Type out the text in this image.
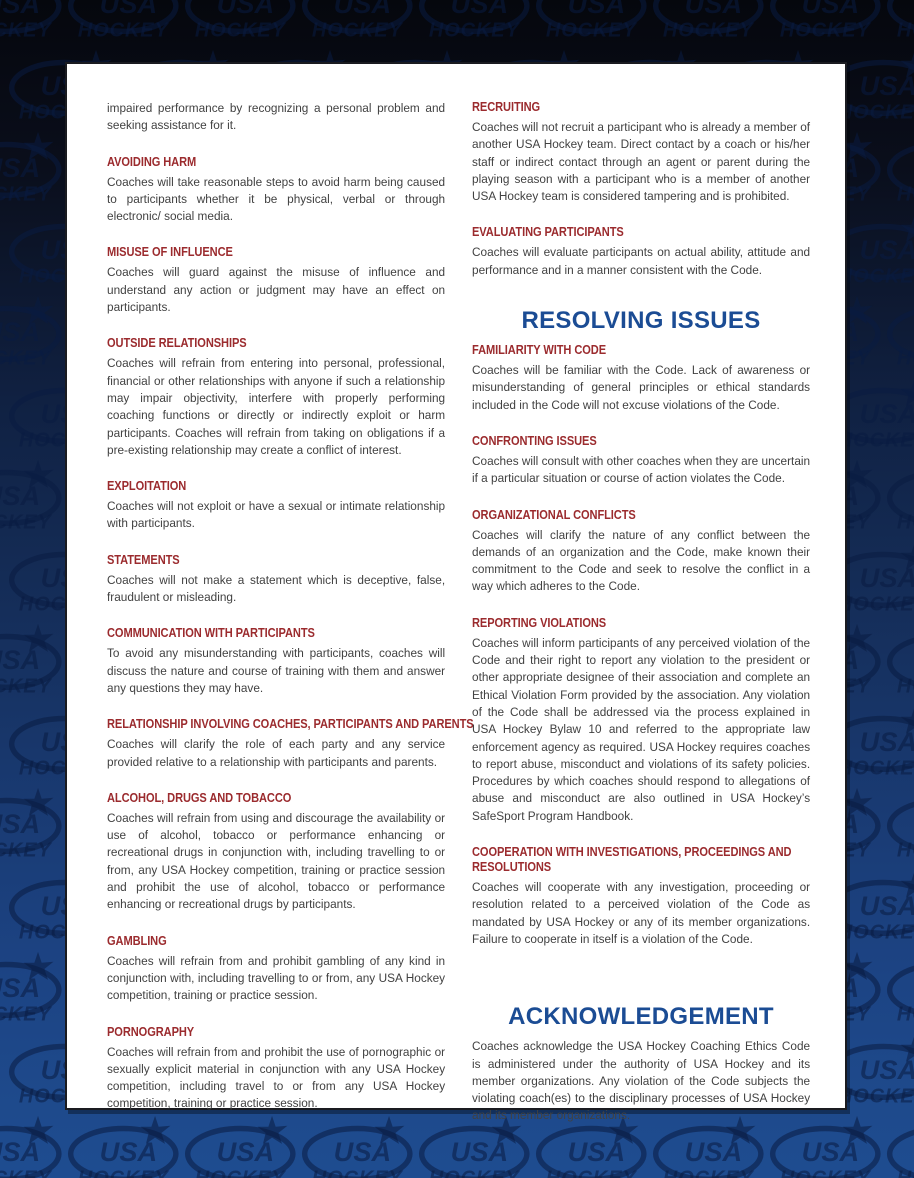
impaired performance by recognizing a personal problem and seeking assistance for it.

AVOIDING HARM

Coaches will take reasonable steps to avoid harm being caused to participants whether it be physical, verbal or through electronic/ social media.

MISUSE OF INFLUENCE

Coaches will guard against the misuse of influence and understand any action or judgment may have an effect on participants.

OUTSIDE RELATIONSHIPS

Coaches will refrain from entering into personal, professional, financial or other relationships with anyone if such a relationship may impair objectivity, interfere with properly performing coaching functions or directly or indirectly exploit or harm participants. Coaches will refrain from taking on obligations if a pre-existing relationship may create a conflict of interest.

EXPLOITATION

Coaches will not exploit or have a sexual or intimate relationship with participants.

STATEMENTS

Coaches will not make a statement which is deceptive, false, fraudulent or misleading.

COMMUNICATION WITH PARTICIPANTS

To avoid any misunderstanding with participants, coaches will discuss the nature and course of training with them and answer any questions they may have.

RELATIONSHIP INVOLVING COACHES, PARTICIPANTS AND PARENTS

Coaches will clarify the role of each party and any service provided relative to a relationship with participants and parents.

ALCOHOL, DRUGS AND TOBACCO

Coaches will refrain from using and discourage the availability or use of alcohol, tobacco or performance enhancing or recreational drugs in conjunction with, including travelling to or from, any USA Hockey competition, training or practice session and prohibit the use of alcohol, tobacco or performance enhancing or recreational drugs by participants.

GAMBLING

Coaches will refrain from and prohibit gambling of any kind in conjunction with, including travelling to or from, any USA Hockey competition, training or practice session.

PORNOGRAPHY

Coaches will refrain from and prohibit the use of pornographic or sexually explicit material in conjunction with any USA Hockey competition, including travel to or from any USA Hockey competition, training or practice session.

RECRUITING

Coaches will not recruit a participant who is already a member of another USA Hockey team. Direct contact by a coach or his/her staff or indirect contact through an agent or parent during the playing season with a participant who is a member of another USA Hockey team is considered tampering and is prohibited.

EVALUATING PARTICIPANTS

Coaches will evaluate participants on actual ability, attitude and performance and in a manner consistent with the Code.

RESOLVING ISSUES
FAMILIARITY WITH CODE

Coaches will be familiar with the Code. Lack of awareness or misunderstanding of general principles or ethical standards included in the Code will not excuse violations of the Code.

CONFRONTING ISSUES

Coaches will consult with other coaches when they are uncertain if a particular situation or course of action violates the Code.

ORGANIZATIONAL CONFLICTS

Coaches will clarify the nature of any conflict between the demands of an organization and the Code, make known their commitment to the Code and seek to resolve the conflict in a way which adheres to the Code.

REPORTING VIOLATIONS

Coaches will inform participants of any perceived violation of the Code and their right to report any violation to the president or other appropriate designee of their association and complete an Ethical Violation Form provided by the association. Any violation of the Code shall be addressed via the process explained in USA Hockey Bylaw 10 and referred to the appropriate law enforcement agency as required. USA Hockey requires coaches to report abuse, misconduct and violations of its safety policies. Procedures by which coaches should respond to allegations of abuse and misconduct are also outlined in USA Hockey’s SafeSport Program Handbook.

COOPERATION WITH INVESTIGATIONS, PROCEEDINGS AND RESOLUTIONS

Coaches will cooperate with any investigation, proceeding or resolution related to a perceived violation of the Code as mandated by USA Hockey or any of its member organizations. Failure to cooperate in itself is a violation of the Code.

ACKNOWLEDGEMENT

Coaches acknowledge the USA Hockey Coaching Ethics Code is administered under the authority of USA Hockey and its member organizations. Any violation of the Code subjects the violating coach(es) to the disciplinary processes of USA Hockey and its member organizations.
